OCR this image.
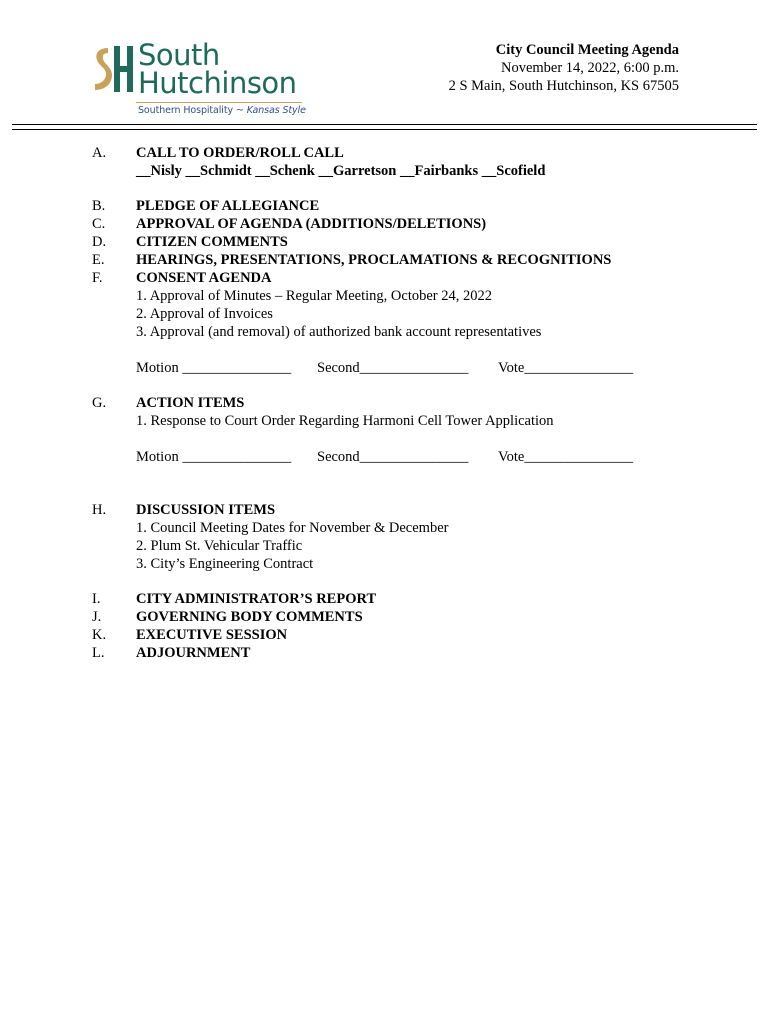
South
Hutchinson
Southern Hospitality ~ Kansas Style
City Council Meeting Agenda
November 14, 2022, 6:00 p.m.
2 S Main, South Hutchinson, KS 67505
A. CALL TO ORDER/ROLL CALL
__Nisly __Schmidt __Schenk __Garretson __Fairbanks __Scofield
B. PLEDGE OF ALLEGIANCE
C. APPROVAL OF AGENDA (ADDITIONS/DELETIONS)
D. CITIZEN COMMENTS
E. HEARINGS, PRESENTATIONS, PROCLAMATIONS & RECOGNITIONS
F. CONSENT AGENDA
1. Approval of Minutes – Regular Meeting, October 24, 2022
2. Approval of Invoices
3. Approval (and removal) of authorized bank account representatives
Motion _______________ Second_______________ Vote_______________
G. ACTION ITEMS
1. Response to Court Order Regarding Harmoni Cell Tower Application
Motion _______________ Second_______________ Vote_______________
H. DISCUSSION ITEMS
1. Council Meeting Dates for November & December
2. Plum St. Vehicular Traffic
3. City’s Engineering Contract
I. CITY ADMINISTRATOR’S REPORT
J. GOVERNING BODY COMMENTS
K. EXECUTIVE SESSION
L. ADJOURNMENT
